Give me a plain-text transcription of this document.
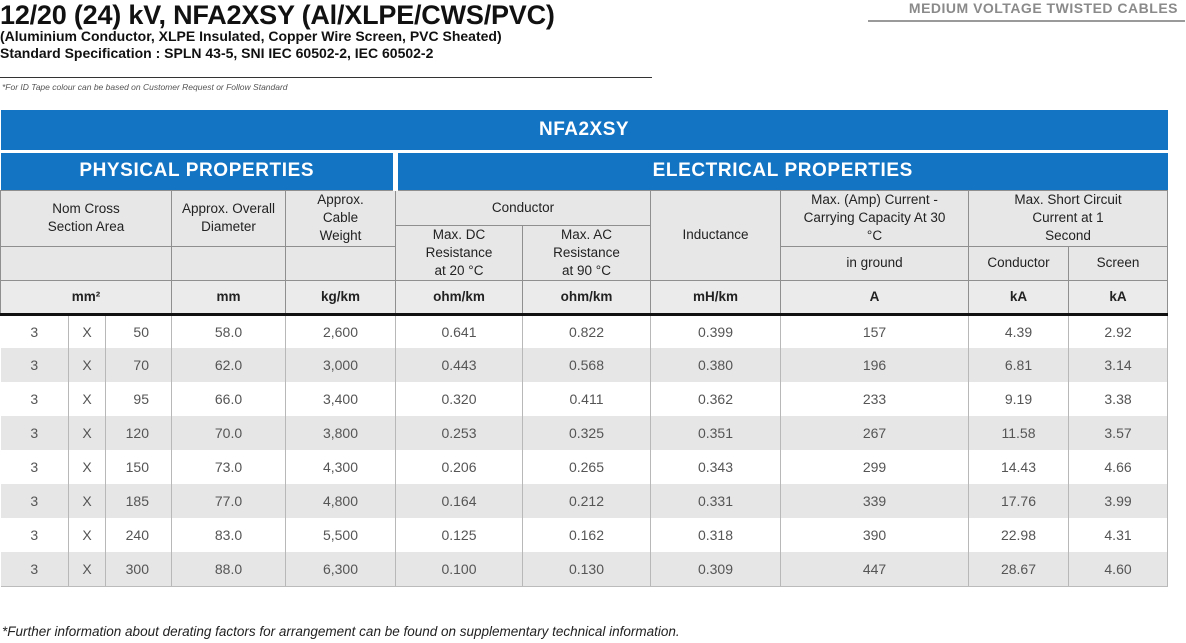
12/20 (24) kV, NFA2XSY (Al/XLPE/CWS/PVC)
(Aluminium Conductor, XLPE Insulated, Copper Wire Screen, PVC Sheated)
Standard Specification : SPLN 43-5, SNI IEC 60502-2, IEC 60502-2
*For ID Tape colour can be based on Customer Request or Follow Standard
MEDIUM VOLTAGE TWISTED CABLES
NFA2XSY										
PHYSICAL PROPERTIES					ELECTRICAL PROPERTIES					
Nom Cross Section Area			Approx. Overall Diameter	Approx. Cable Weight	Conductor		Inductance	Max. (Amp) Current - Carrying Capacity At 30 °C	Max. Short Circuit Current at 1 Second	
					Max. DC Resistance at 20 °C	Max. AC Resistance at 90 °C				
								in ground	Conductor	Screen
mm²			mm	kg/km	ohm/km	ohm/km	mH/km	A	kA	kA
3	X	50	58.0	2,600	0.641	0.822	0.399	157	4.39	2.92
3	X	70	62.0	3,000	0.443	0.568	0.380	196	6.81	3.14
3	X	95	66.0	3,400	0.320	0.411	0.362	233	9.19	3.38
3	X	120	70.0	3,800	0.253	0.325	0.351	267	11.58	3.57
3	X	150	73.0	4,300	0.206	0.265	0.343	299	14.43	4.66
3	X	185	77.0	4,800	0.164	0.212	0.331	339	17.76	3.99
3	X	240	83.0	5,500	0.125	0.162	0.318	390	22.98	4.31
3	X	300	88.0	6,300	0.100	0.130	0.309	447	28.67	4.60
*Further information about derating factors for arrangement can be found on supplementary technical information.
